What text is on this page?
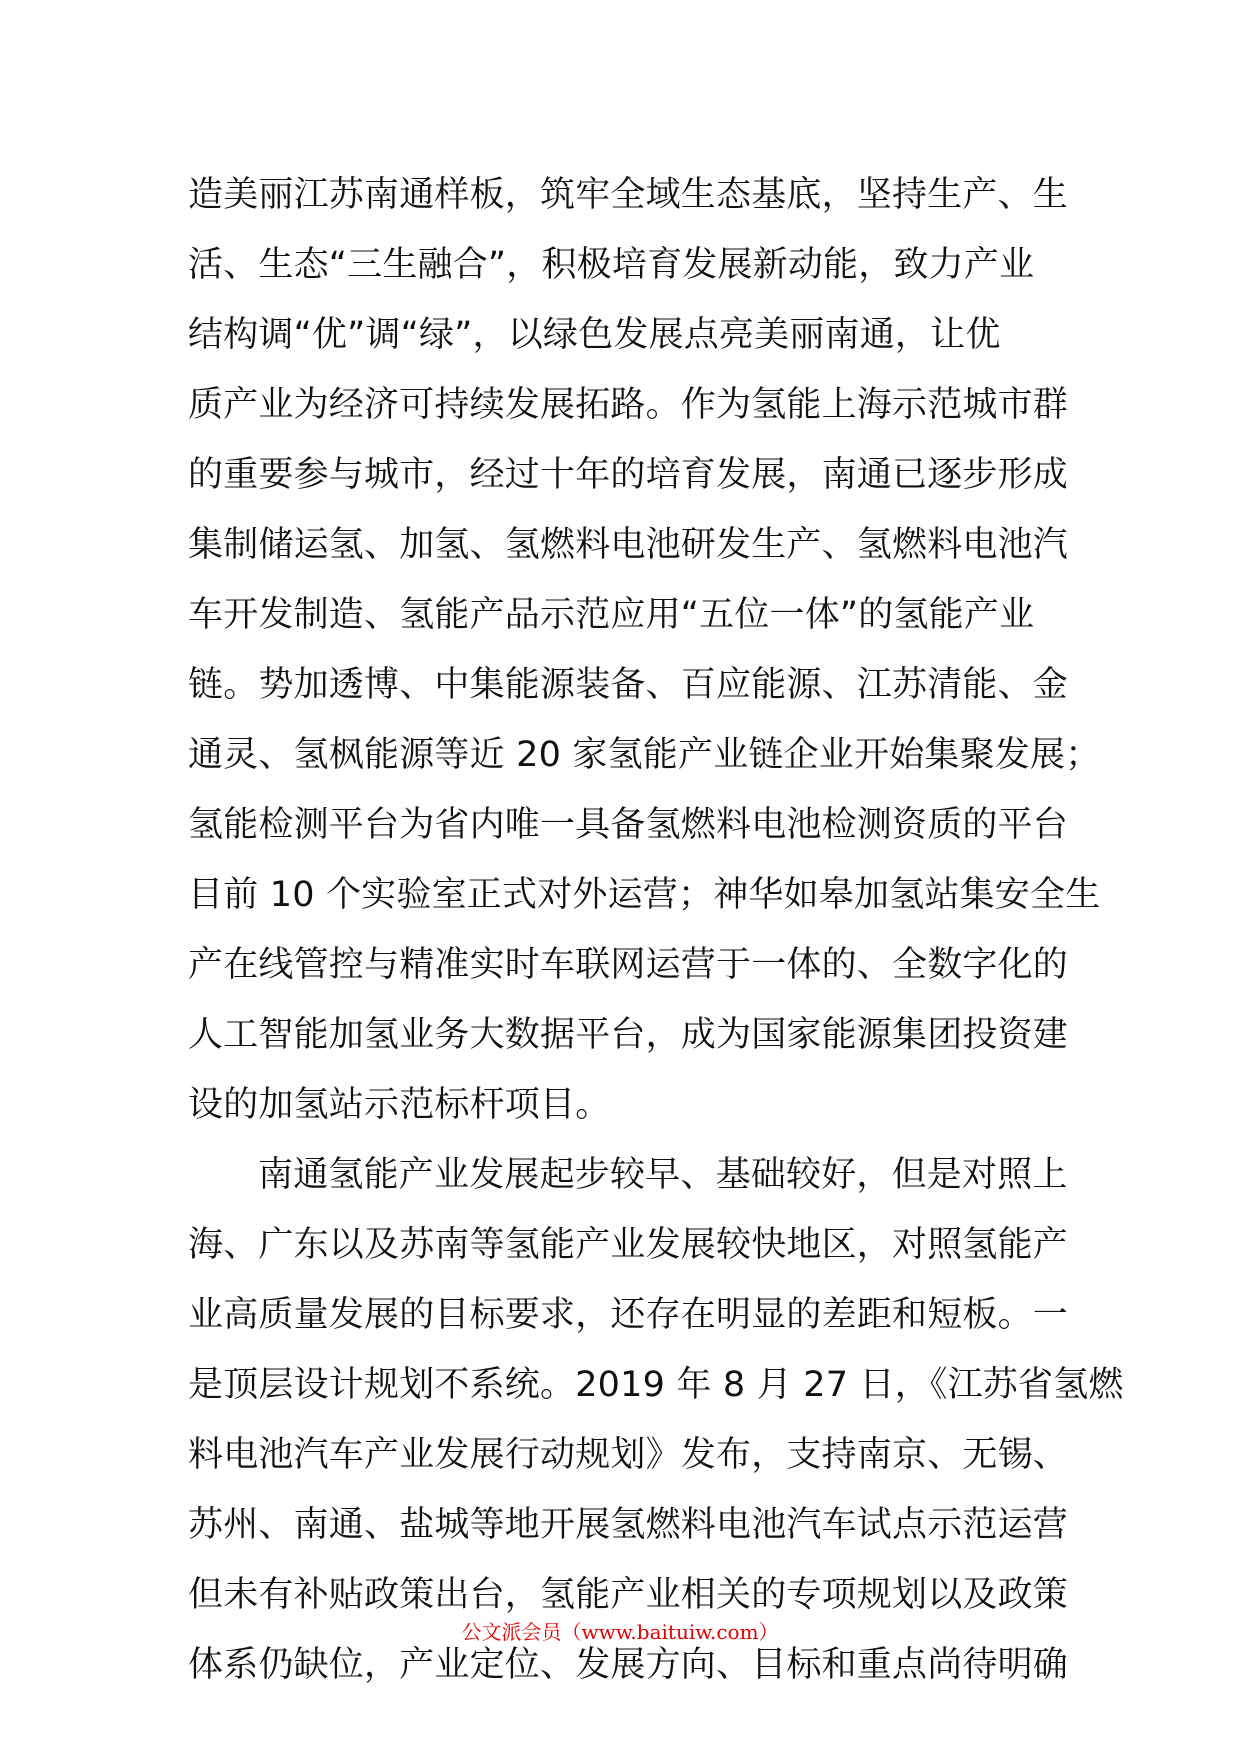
造美丽江苏南通样板，筑牢全域生态基底，坚持生产、生
活、生态“三生融合”，积极培育发展新动能，致力产业
结构调“优”调“绿”，以绿色发展点亮美丽南通，让优
质产业为经济可持续发展拓路。作为氢能上海示范城市群
的重要参与城市，经过十年的培育发展，南通已逐步形成
集制储运氢、加氢、氢燃料电池研发生产、氢燃料电池汽
车开发制造、氢能产品示范应用“五位一体”的氢能产业
链。势加透博、中集能源装备、百应能源、江苏清能、金
通灵、氢枫能源等近 20 家氢能产业链企业开始集聚发展；
氢能检测平台为省内唯一具备氢燃料电池检测资质的平台
目前 10 个实验室正式对外运营；神华如皋加氢站集安全生
产在线管控与精准实时车联网运营于一体的、全数字化的
人工智能加氢业务大数据平台，成为国家能源集团投资建
设的加氢站示范标杆项目。
南通氢能产业发展起步较早、基础较好，但是对照上
海、广东以及苏南等氢能产业发展较快地区，对照氢能产
业高质量发展的目标要求，还存在明显的差距和短板。一
是顶层设计规划不系统。2019 年 8 月 27 日，《江苏省氢燃
料电池汽车产业发展行动规划》发布，支持南京、无锡、
苏州、南通、盐城等地开展氢燃料电池汽车试点示范运营
但未有补贴政策出台，氢能产业相关的专项规划以及政策
体系仍缺位，产业定位、发展方向、目标和重点尚待明确
公文派会员（www.baituiw.com）
